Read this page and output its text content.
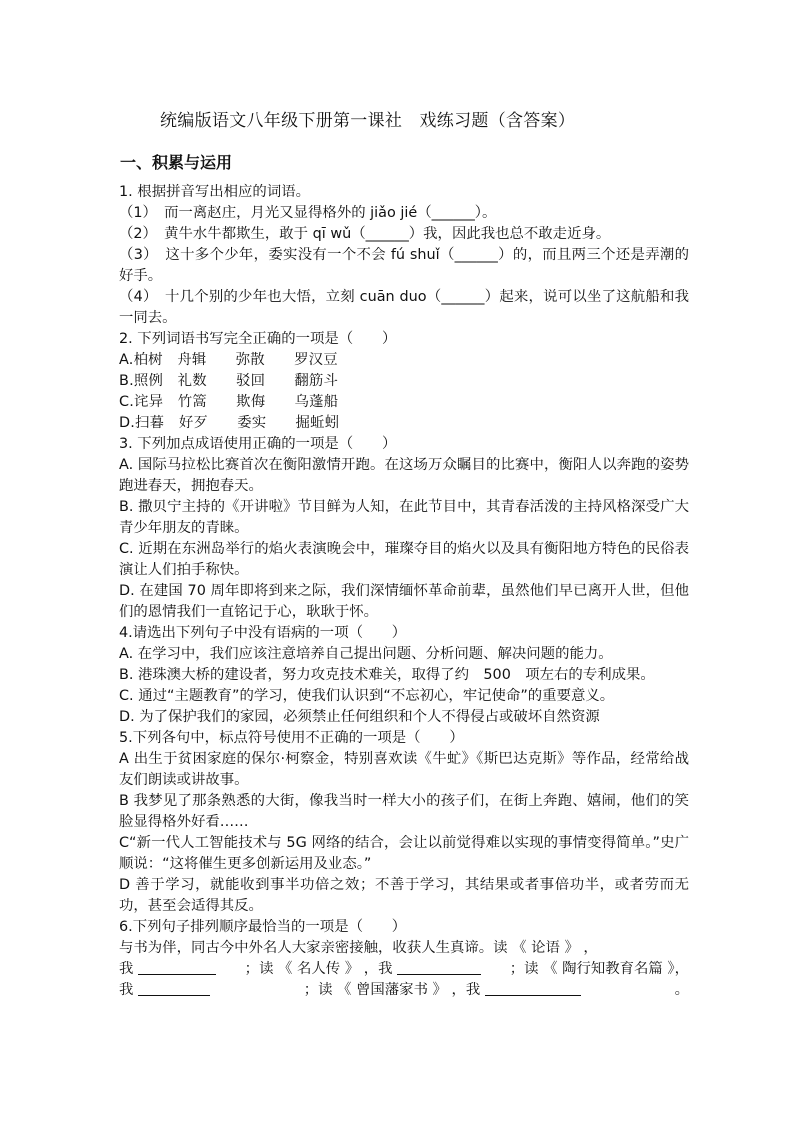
统编版语文八年级下册第一课社　戏练习题（含答案）
一、积累与运用
1. 根据拼音写出相应的词语。
（1）　而一离赵庄，月光又显得格外的 jiǎo jié（______）。
（2）　黄牛水牛都欺生，敢于 qī wǔ（______）我，因此我也总不敢走近身。
（3）　这十多个少年，委实没有一个不会 fú shuǐ（______）的，而且两三个还是弄潮的好手。
（4）　十几个别的少年也大悟，立刻 cuān duo（______）起来，说可以坐了这航船和我一同去。
2. 下列词语书写完全正确的一项是（　　）
A.柏树　舟辑　　弥散　　罗汉豆
B.照例　礼数　　驳回　　翻筋斗
C.诧异　竹篙　　欺侮　　乌蓬船
D.扫暮　好歹　　委实　　掘蚯蚓
3. 下列加点成语使用正确的一项是（　　）
A. 国际马拉松比赛首次在衡阳激情开跑。在这场万众瞩目的比赛中，衡阳人以奔跑的姿势跑进春天，拥抱春天。
B. 撒贝宁主持的《开讲啦》节目鲜为人知，在此节目中，其青春活泼的主持风格深受广大青少年朋友的青睐。
C. 近期在东洲岛举行的焰火表演晚会中，璀璨夺目的焰火以及具有衡阳地方特色的民俗表演让人们拍手称快。
D. 在建国 70 周年即将到来之际，我们深情缅怀革命前辈，虽然他们早已离开人世，但他们的恩情我们一直铭记于心，耿耿于怀。
4.请选出下列句子中没有语病的一项（　　）
A. 在学习中，我们应该注意培养自己提出问题、分析问题、解决问题的能力。
B. 港珠澳大桥的建设者，努力攻克技术难关，取得了约　500　项左右的专利成果。
C. 通过“主题教育”的学习，使我们认识到“不忘初心，牢记使命”的重要意义。
D. 为了保护我们的家园，必须禁止任何组织和个人不得侵占或破坏自然资源
5.下列各句中，标点符号使用不正确的一项是（　　）
A 出生于贫困家庭的保尔·柯察金，特别喜欢读《牛虻》《斯巴达克斯》等作品，经常给战友们朗读或讲故事。
B 我梦见了那条熟悉的大街，像我当时一样大小的孩子们，在街上奔跑、嬉闹，他们的笑脸显得格外好看……
C“新一代人工智能技术与 5G 网络的结合，会让以前觉得难以实现的事情变得简单。”史广顺说：“这将催生更多创新运用及业态。”
D 善于学习，就能收到事半功倍之效；不善于学习，其结果或者事倍功半，或者劳而无功，甚至会适得其反。
6.下列句子排列顺序最恰当的一项是（　　）
与书为伴，同古今中外名人大家亲密接触，收获人生真谛。读 《 论语 》 ，
我	；读 《 名人传 》 ，我	；读 《 陶行知教育名篇 》，
我	；读 《 曾国藩家书 》 ，我	。
